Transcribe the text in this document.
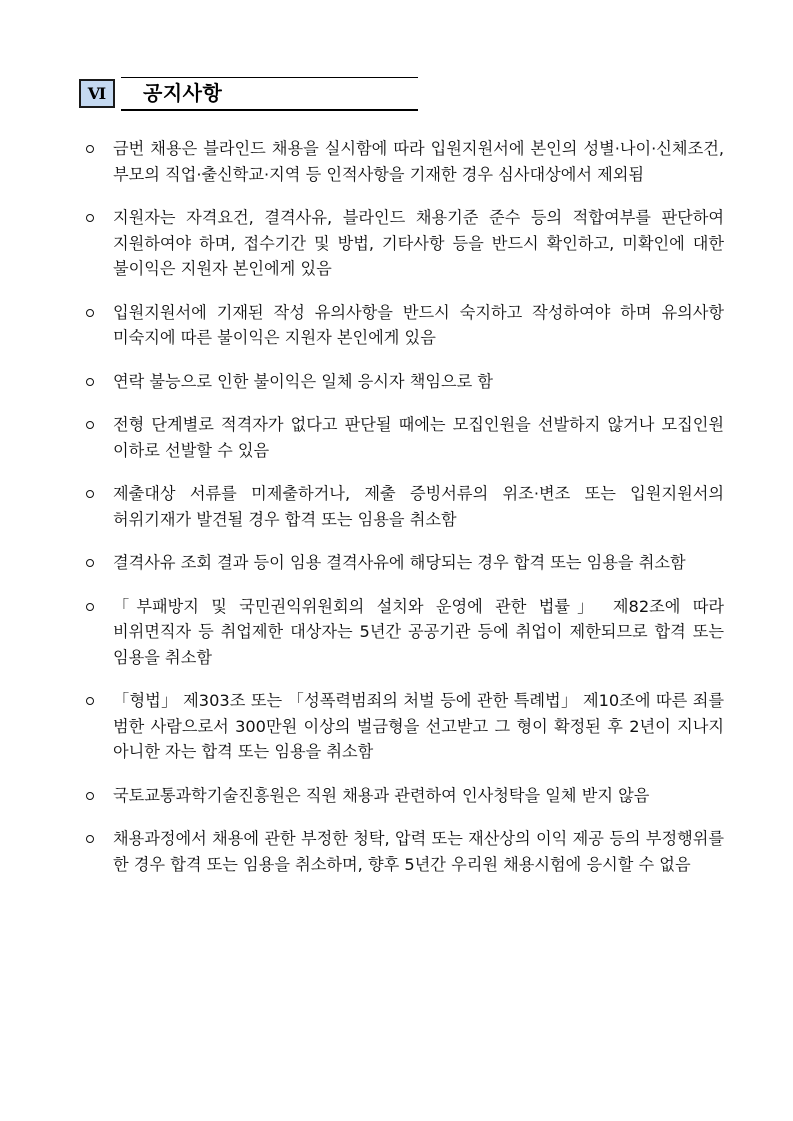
Ⅵ	공지사항
금번 채용은 블라인드 채용을 실시함에 따라 입원지원서에 본인의 성별·나이·신체조건, 부모의 직업·출신학교·지역 등 인적사항을 기재한 경우 심사대상에서 제외됨
지원자는 자격요건, 결격사유, 블라인드 채용기준 준수 등의 적합여부를 판단하여 지원하여야 하며, 접수기간 및 방법, 기타사항 등을 반드시 확인하고, 미확인에 대한 불이익은 지원자 본인에게 있음
입원지원서에 기재된 작성 유의사항을 반드시 숙지하고 작성하여야 하며 유의사항 미숙지에 따른 불이익은 지원자 본인에게 있음
연락 불능으로 인한 불이익은 일체 응시자 책임으로 함
전형 단계별로 적격자가 없다고 판단될 때에는 모집인원을 선발하지 않거나 모집인원 이하로 선발할 수 있음
제출대상 서류를 미제출하거나, 제출 증빙서류의 위조·변조 또는 입원지원서의 허위기재가 발견될 경우 합격 또는 임용을 취소함
결격사유 조회 결과 등이 임용 결격사유에 해당되는 경우 합격 또는 임용을 취소함
「부패방지 및 국민권익위원회의 설치와 운영에 관한 법률」 제82조에 따라 비위면직자 등 취업제한 대상자는 5년간 공공기관 등에 취업이 제한되므로 합격 또는 임용을 취소함
「형법」 제303조 또는 「성폭력범죄의 처벌 등에 관한 특례법」 제10조에 따른 죄를 범한 사람으로서 300만원 이상의 벌금형을 선고받고 그 형이 확정된 후 2년이 지나지 아니한 자는 합격 또는 임용을 취소함
국토교통과학기술진흥원은 직원 채용과 관련하여 인사청탁을 일체 받지 않음
채용과정에서 채용에 관한 부정한 청탁, 압력 또는 재산상의 이익 제공 등의 부정행위를 한 경우 합격 또는 임용을 취소하며, 향후 5년간 우리원 채용시험에 응시할 수 없음
